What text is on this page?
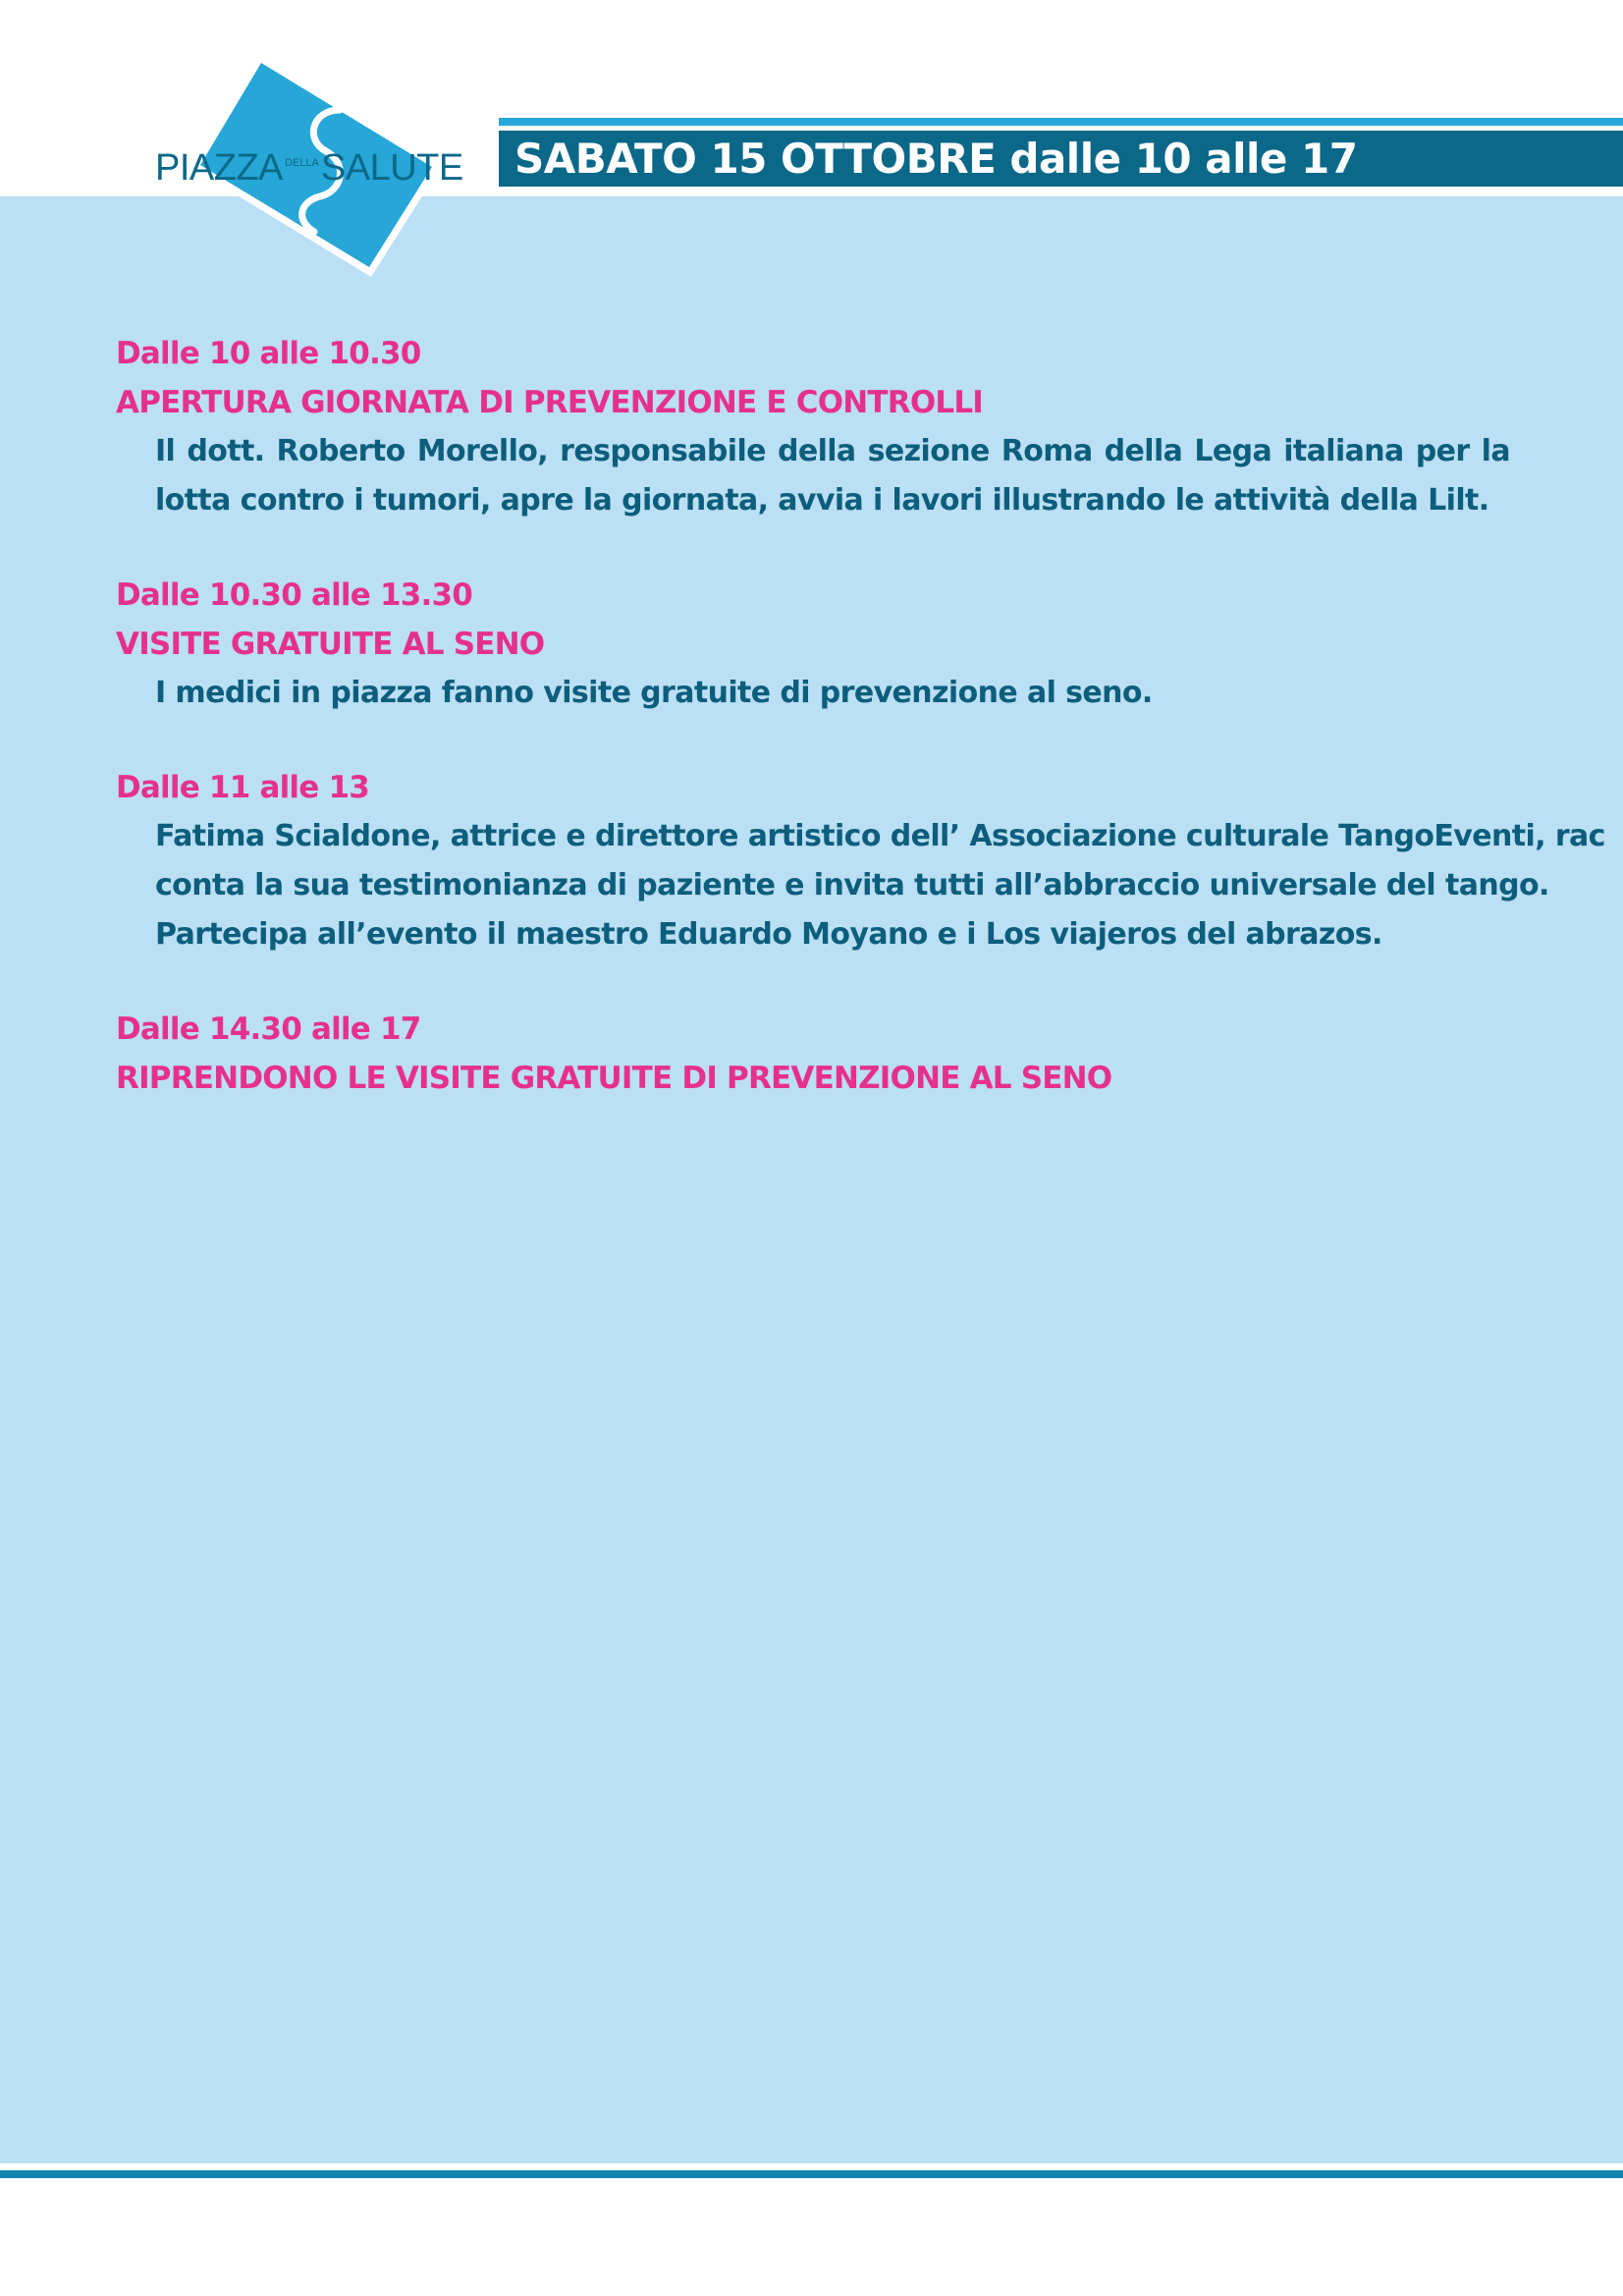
PIAZZA $^{DELLA}$SALUTE SABATO 15 OTTOBRE dalle 10 alle 17
Dalle 10 alle 10.30
APERTURA GIORNATA DI PREVENZIONE E CONTROLLI
Il dott. Roberto Morello, responsabile della sezione Roma della Lega italiana per la lotta contro i tumori, apre la giornata, avvia i lavori illustrando le attività della Lilt.
Dalle 10.30 alle 13.30
VISITE GRATUITE AL SENO
I medici in piazza fanno visite gratuite di prevenzione al seno.
Dalle 11 alle 13
Fatima Scialdone, attrice e direttore artistico dell’ Associazione culturale TangoEventi, rac
conta la sua testimonianza di paziente e invita tutti all’abbraccio universale del tango.
Partecipa all’evento il maestro Eduardo Moyano e i Los viajeros del abrazos.
Dalle 14.30 alle 17
RIPRENDONO LE VISITE GRATUITE DI PREVENZIONE AL SENO
